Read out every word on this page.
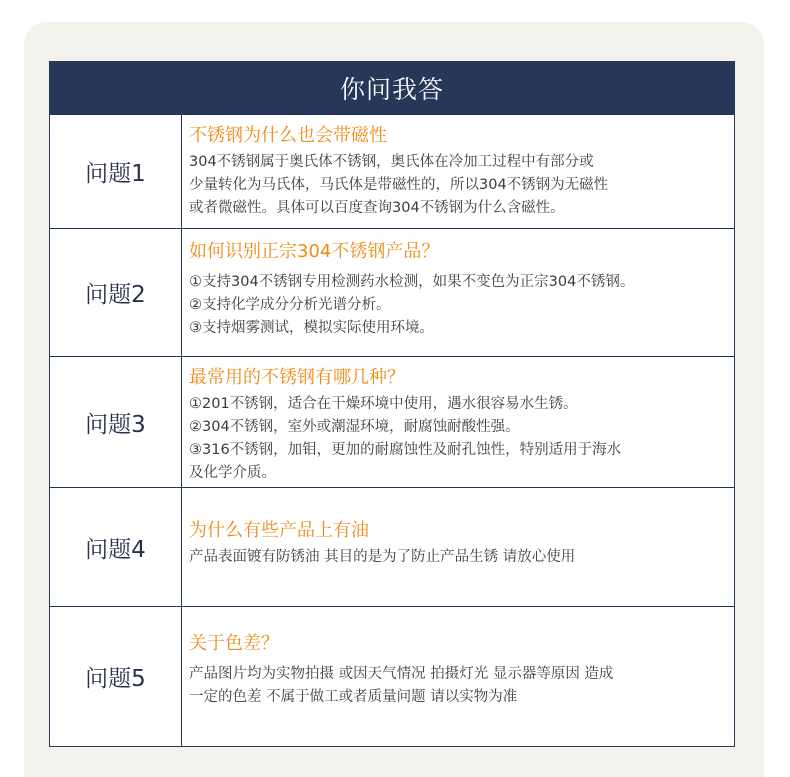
你问我答
问题1
不锈钢为什么也会带磁性
304不锈钢属于奥氏体不锈钢，奥氏体在冷加工过程中有部分或
少量转化为马氏体，马氏体是带磁性的，所以304不锈钢为无磁性
或者微磁性。具体可以百度查询304不锈钢为什么含磁性。
问题2
如何识别正宗304不锈钢产品？
①支持304不锈钢专用检测药水检测，如果不变色为正宗304不锈钢。
②支持化学成分分析光谱分析。
③支持烟雾测试，模拟实际使用环境。
问题3
最常用的不锈钢有哪几种？
①201不锈钢，适合在干燥环境中使用，遇水很容易水生锈。
②304不锈钢，室外或潮湿环境，耐腐蚀耐酸性强。
③316不锈钢，加钼，更加的耐腐蚀性及耐孔蚀性，特别适用于海水
及化学介质。
问题4
为什么有些产品上有油
产品表面镀有防锈油 其目的是为了防止产品生锈 请放心使用
问题5
关于色差？
产品图片均为实物拍摄 或因天气情况 拍摄灯光 显示器等原因 造成
一定的色差 不属于做工或者质量问题 请以实物为准
